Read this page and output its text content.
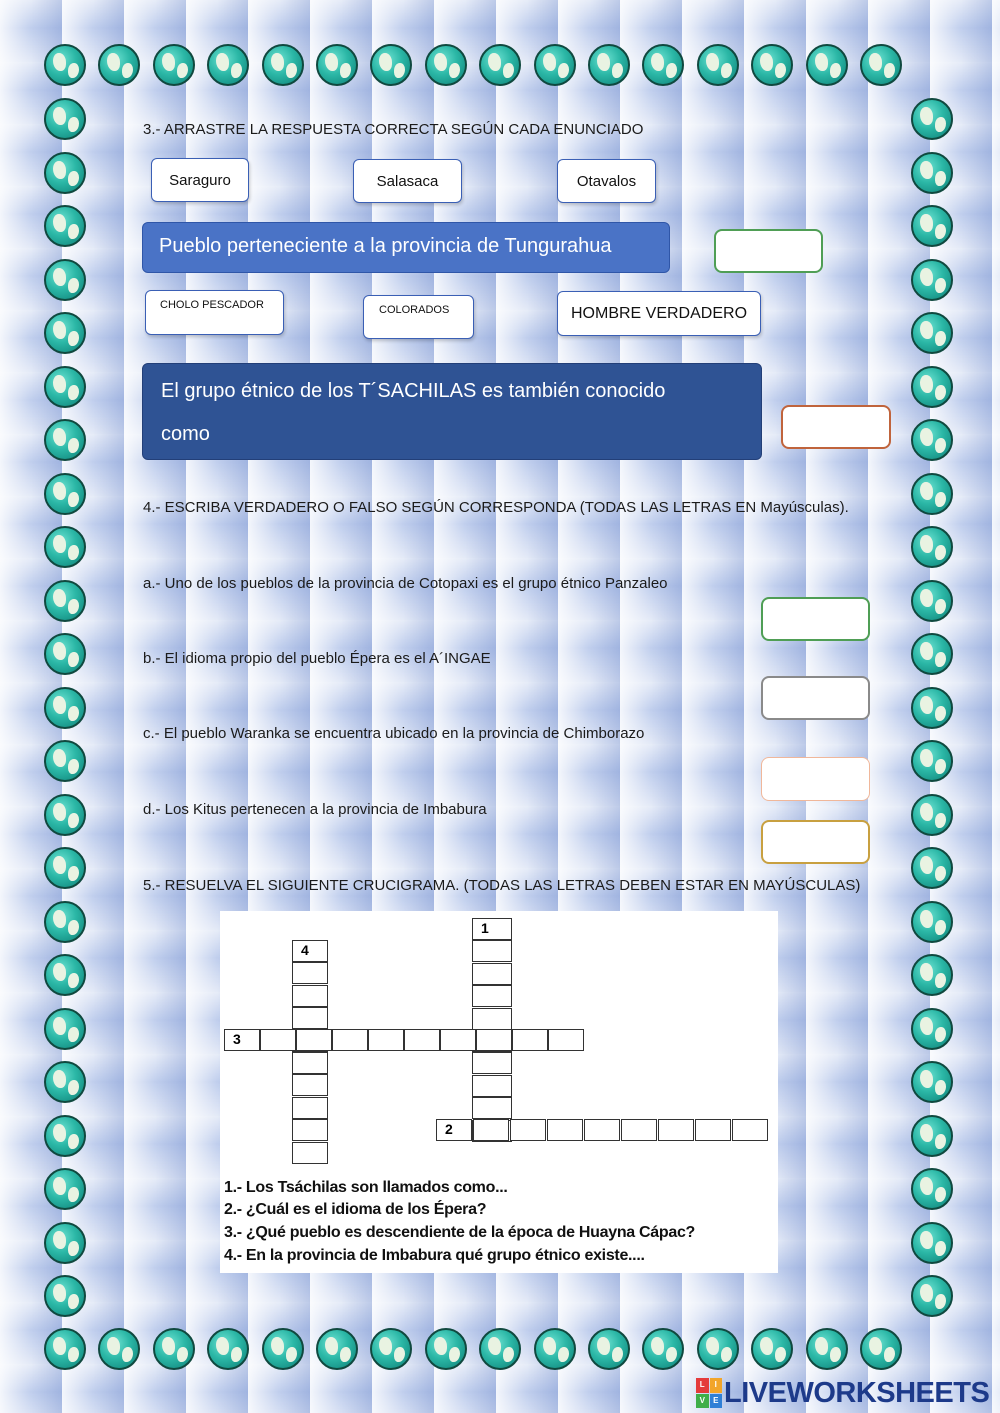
3.- ARRASTRE LA RESPUESTA CORRECTA SEGÚN CADA ENUNCIADO
Saraguro	Salasaca	Otavalos
Pueblo perteneciente a la provincia de Tungurahua
CHOLO PESCADOR	COLORADOS	HOMBRE VERDADERO
El grupo étnico de los T´SACHILAS es también conocido
como
4.- ESCRIBA VERDADERO O FALSO SEGÚN CORRESPONDA (TODAS LAS LETRAS EN Mayúsculas).
a.- Uno de los pueblos de la provincia de Cotopaxi es el grupo étnico Panzaleo
b.- El idioma propio del pueblo Épera es el A´INGAE
c.- El pueblo Waranka se encuentra ubicado en la provincia de Chimborazo
d.- Los Kitus pertenecen a la provincia de Imbabura
5.- RESUELVA EL SIGUIENTE CRUCIGRAMA. (TODAS LAS LETRAS DEBEN ESTAR EN MAYÚSCULAS)
1
4
3
2
1.- Los Tsáchilas son llamados como...
2.- ¿Cuál es el idioma de los Épera?
3.- ¿Qué pueblo es descendiente de la época de Huayna Cápac?
4.- En la provincia de Imbabura qué grupo étnico existe....
L	I
V	E LIVEWORKSHEETS
